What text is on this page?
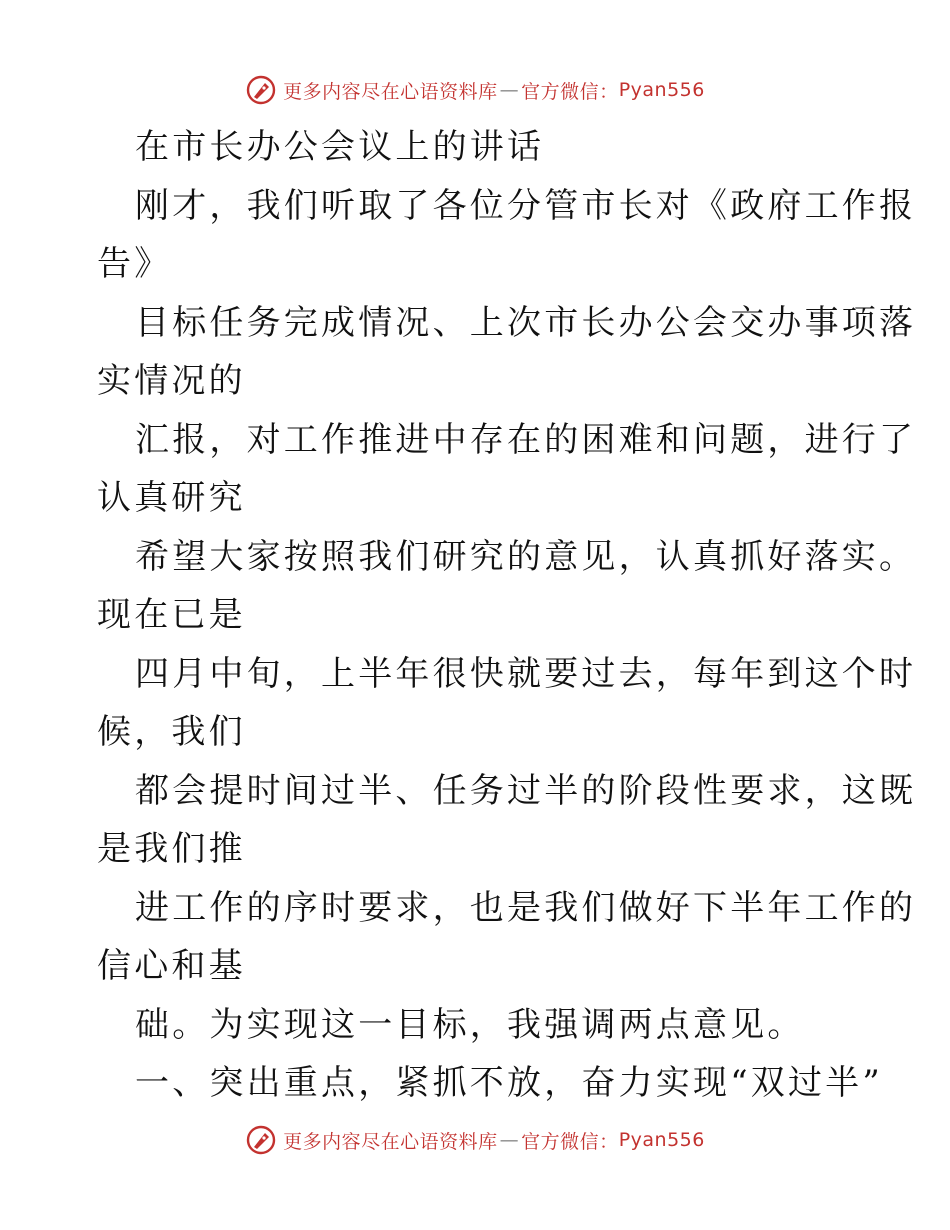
更多内容尽在心语资料库 — 官方微信： Pyan556
在市长办公会议上的讲话
刚才，我们听取了各位分管市长对《政府工作报
告》
目标任务完成情况、上次市长办公会交办事项落
实情况的
汇报，对工作推进中存在的困难和问题，进行了
认真研究
希望大家按照我们研究的意见，认真抓好落实。
现在已是
四月中旬，上半年很快就要过去，每年到这个时
候，我们
都会提时间过半、任务过半的阶段性要求，这既
是我们推
进工作的序时要求，也是我们做好下半年工作的
信心和基
础。为实现这一目标，我强调两点意见。
一、突出重点，紧抓不放，奋力实现“双过半”
更多内容尽在心语资料库 — 官方微信： Pyan556
